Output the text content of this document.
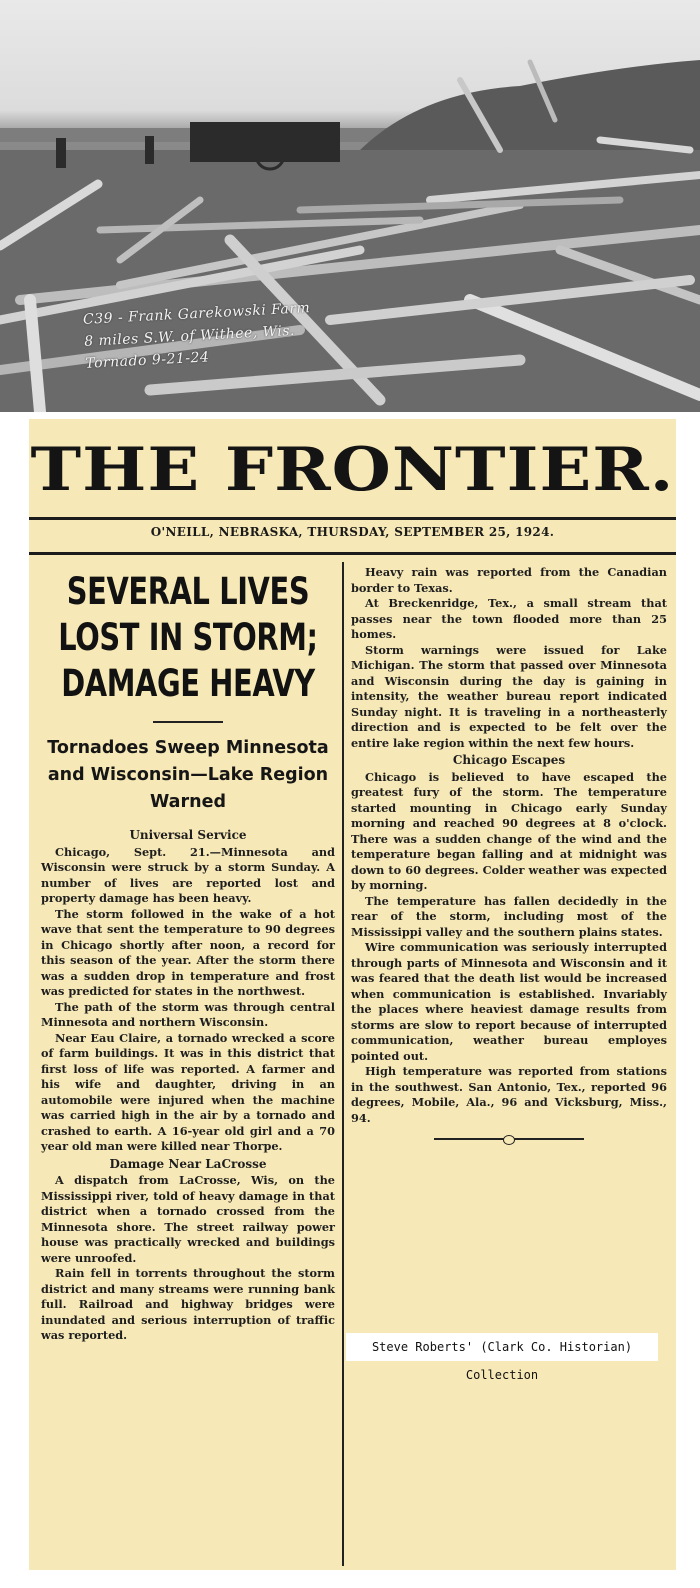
C39 - Frank Garekowski Farm
8 miles S.W. of Withee, Wis.
Tornado 9-21-24
THE FRONTIER.
O'NEILL, NEBRASKA, THURSDAY, SEPTEMBER 25, 1924.
SEVERAL LIVES LOST IN STORM; DAMAGE HEAVY
Tornadoes Sweep Minnesota and Wisconsin—Lake Region Warned
Universal Service

Chicago, Sept. 21.—Minnesota and Wisconsin were struck by a storm Sunday. A number of lives are reported lost and property damage has been heavy.

The storm followed in the wake of a hot wave that sent the temperature to 90 degrees in Chicago shortly after noon, a record for this season of the year. After the storm there was a sudden drop in temperature and frost was predicted for states in the northwest.

The path of the storm was through central Minnesota and northern Wisconsin.

Near Eau Claire, a tornado wrecked a score of farm buildings. It was in this district that first loss of life was reported. A farmer and his wife and daughter, driving in an automobile were injured when the machine was carried high in the air by a tornado and crashed to earth. A 16-year old girl and a 70 year old man were killed near Thorpe.

Damage Near LaCrosse

A dispatch from LaCrosse, Wis, on the Mississippi river, told of heavy damage in that district when a tornado crossed from the Minnesota shore. The street railway power house was practically wrecked and buildings were unroofed.

Rain fell in torrents throughout the storm district and many streams were running bank full. Railroad and highway bridges were inundated and serious interruption of traffic was reported.

Heavy rain was reported from the Canadian border to Texas.

At Breckenridge, Tex., a small stream that passes near the town flooded more than 25 homes.

Storm warnings were issued for Lake Michigan. The storm that passed over Minnesota and Wisconsin during the day is gaining in intensity, the weather bureau report indicated Sunday night. It is traveling in a northeasterly direction and is expected to be felt over the entire lake region within the next few hours.

Chicago Escapes

Chicago is believed to have escaped the greatest fury of the storm. The temperature started mounting in Chicago early Sunday morning and reached 90 degrees at 8 o'clock. There was a sudden change of the wind and the temperature began falling and at midnight was down to 60 degrees. Colder weather was expected by morning.

The temperature has fallen decidedly in the rear of the storm, including most of the Mississippi valley and the southern plains states.

Wire communication was seriously interrupted through parts of Minnesota and Wisconsin and it was feared that the death list would be increased when communication is established. Invariably the places where heaviest damage results from storms are slow to report because of interrupted communication, weather bureau employes pointed out.

High temperature was reported from stations in the southwest. San Antonio, Tex., reported 96 degrees, Mobile, Ala., 96 and Vicksburg, Miss., 94.

Steve Roberts' (Clark Co. Historian) Collection
